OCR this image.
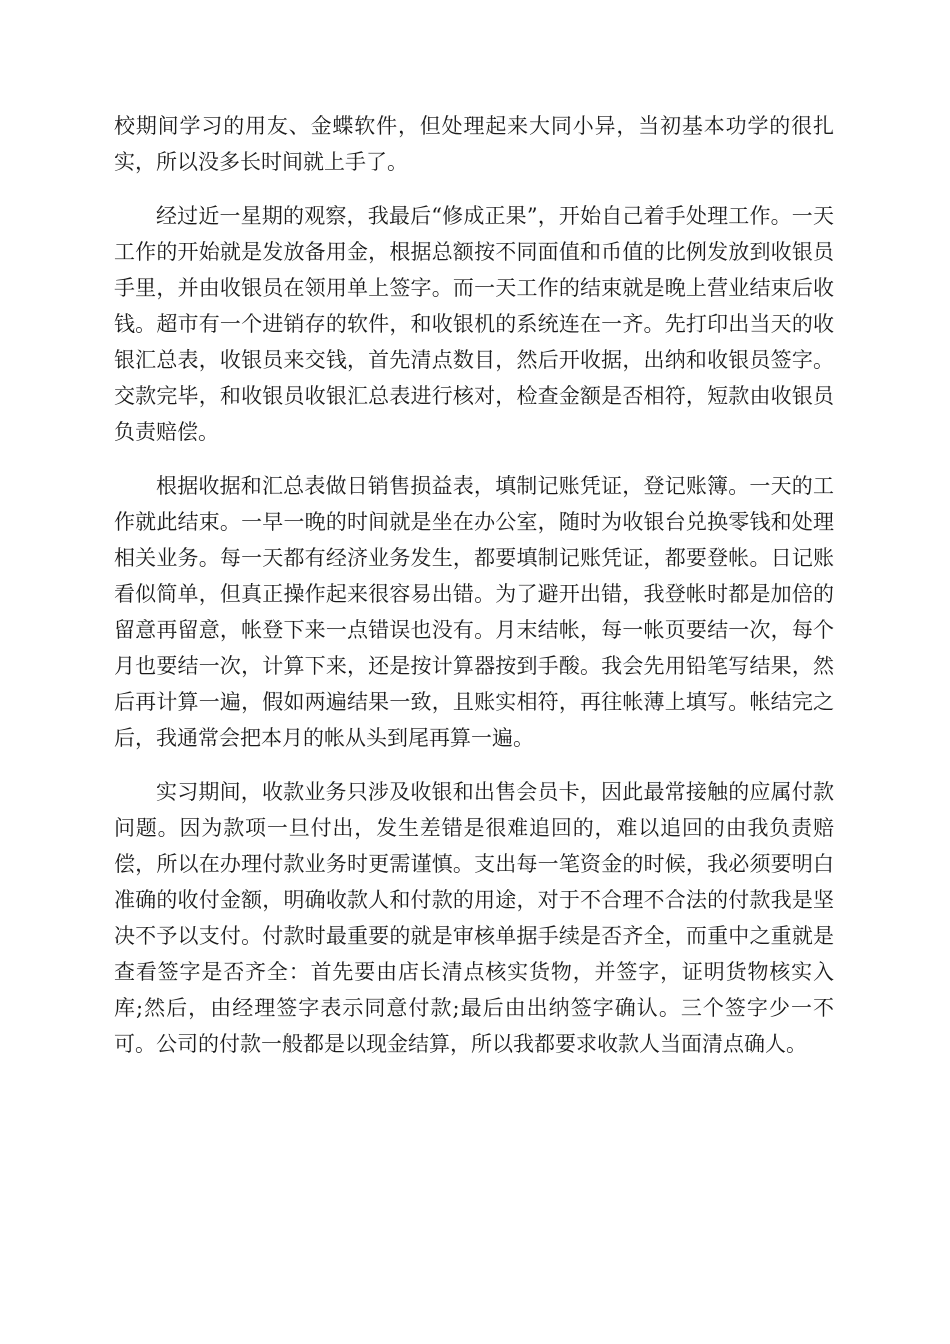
校期间学习的用友、金蝶软件，但处理起来大同小异，当初基本功学的很扎实，所以没多长时间就上手了。

经过近一星期的观察，我最后“修成正果”，开始自己着手处理工作。一天工作的开始就是发放备用金，根据总额按不同面值和币值的比例发放到收银员手里，并由收银员在领用单上签字。而一天工作的结束就是晚上营业结束后收钱。超市有一个进销存的软件，和收银机的系统连在一齐。先打印出当天的收银汇总表，收银员来交钱，首先清点数目，然后开收据，出纳和收银员签字。交款完毕，和收银员收银汇总表进行核对，检查金额是否相符，短款由收银员负责赔偿。

根据收据和汇总表做日销售损益表，填制记账凭证，登记账簿。一天的工作就此结束。一早一晚的时间就是坐在办公室，随时为收银台兑换零钱和处理相关业务。每一天都有经济业务发生，都要填制记账凭证，都要登帐。日记账看似简单，但真正操作起来很容易出错。为了避开出错，我登帐时都是加倍的留意再留意，帐登下来一点错误也没有。月末结帐，每一帐页要结一次，每个月也要结一次，计算下来，还是按计算器按到手酸。我会先用铅笔写结果，然后再计算一遍，假如两遍结果一致，且账实相符，再往帐薄上填写。帐结完之后，我通常会把本月的帐从头到尾再算一遍。

实习期间，收款业务只涉及收银和出售会员卡，因此最常接触的应属付款问题。因为款项一旦付出，发生差错是很难追回的，难以追回的由我负责赔偿，所以在办理付款业务时更需谨慎。支出每一笔资金的时候，我必须要明白准确的收付金额，明确收款人和付款的用途，对于不合理不合法的付款我是坚决不予以支付。付款时最重要的就是审核单据手续是否齐全，而重中之重就是查看签字是否齐全：首先要由店长清点核实货物，并签字，证明货物核实入库;然后，由经理签字表示同意付款;最后由出纳签字确认。三个签字少一不可。公司的付款一般都是以现金结算，所以我都要求收款人当面清点确人。
